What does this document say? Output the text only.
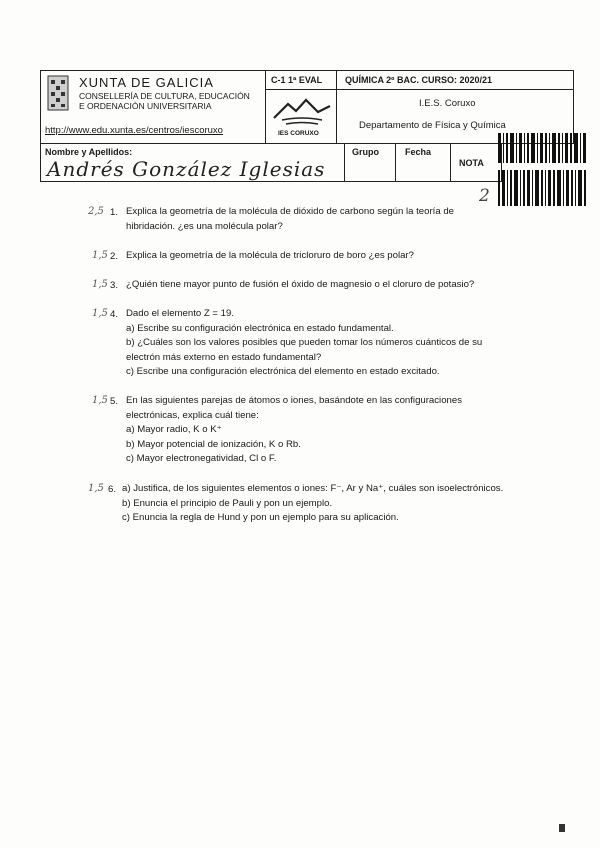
XUNTA DE GALICIA
CONSELLERÍA DE CULTURA, EDUCACIÓN
E ORDENACIÓN UNIVERSITARIA
http://www.edu.xunta.es/centros/iescoruxo
C-1 1ª EVAL	QUÍMICA 2º BAC. CURSO: 2020/21
IES CORUXO
I.E.S. Coruxo
Departamento de Física y Química
Nombre y Apellidos:
Andrés González Iglesias
Grupo	Fecha
NOTA
2
2,5 1. Explica la geometría de la molécula de dióxido de carbono según la teoría de
hibridación. ¿es una molécula polar?
1,5 2. Explica la geometría de la molécula de tricloruro de boro ¿es polar?
1,5 3. ¿Quién tiene mayor punto de fusión el óxido de magnesio o el cloruro de potasio?
1,5 4. Dado el elemento Z = 19.
a) Escribe su configuración electrónica en estado fundamental.
b) ¿Cuáles son los valores posibles que pueden tomar los números cuánticos de su
electrón más externo en estado fundamental?
c) Escribe una configuración electrónica del elemento en estado excitado.
1,5 5. En las siguientes parejas de átomos o iones, basándote en las configuraciones
electrónicas, explica cuál tiene:
a) Mayor radio, K o K⁺
b) Mayor potencial de ionización, K o Rb.
c) Mayor electronegatividad, Cl o F.
1,5 6. a) Justifica, de los siguientes elementos o iones: F⁻, Ar y Na⁺, cuáles son isoelectrónicos.
b) Enuncia el principio de Pauli y pon un ejemplo.
c) Enuncia la regla de Hund y pon un ejemplo para su aplicación.
